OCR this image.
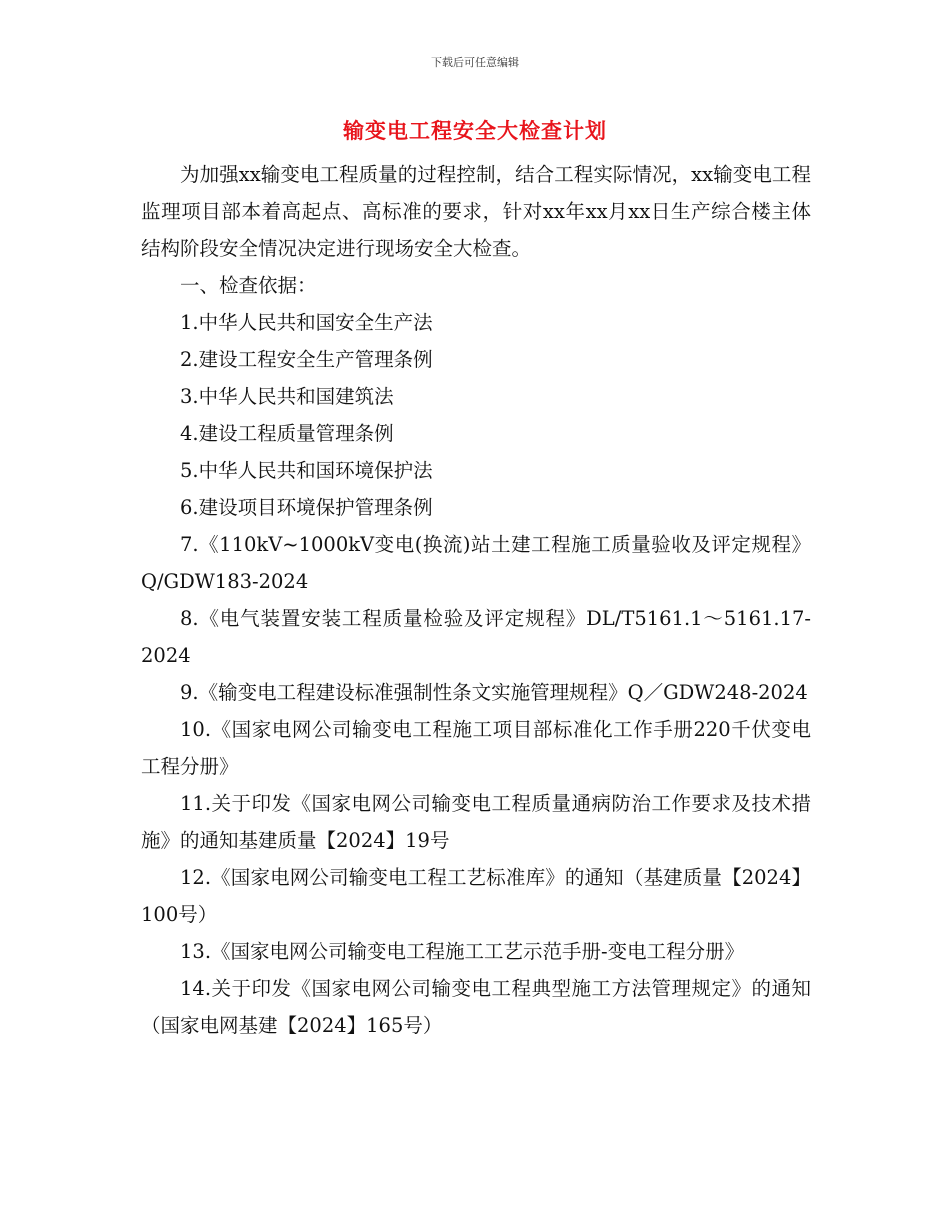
下载后可任意编辑
输变电工程安全大检查计划

为加强xx输变电工程质量的过程控制，结合工程实际情况，xx输变电工程监理项目部本着高起点、高标准的要求，针对xx年xx月xx日生产综合楼主体结构阶段安全情况决定进行现场安全大检查。

一、检查依据：

1.中华人民共和国安全生产法

2.建设工程安全生产管理条例

3.中华人民共和国建筑法

4.建设工程质量管理条例

5.中华人民共和国环境保护法

6.建设项目环境保护管理条例

7.《110kV~1000kV变电(换流)站土建工程施工质量验收及评定规程》Q/GDW183-2024

8.《电气装置安装工程质量检验及评定规程》DL/T5161.1～5161.17-2024

9.《输变电工程建设标准强制性条文实施管理规程》Q／GDW248-2024

10.《国家电网公司输变电工程施工项目部标准化工作手册220千伏变电工程分册》

11.关于印发《国家电网公司输变电工程质量通病防治工作要求及技术措施》的通知基建质量【2024】19号

12.《国家电网公司输变电工程工艺标准库》的通知（基建质量【2024】100号）

13.《国家电网公司输变电工程施工工艺示范手册-变电工程分册》

14.关于印发《国家电网公司输变电工程典型施工方法管理规定》的通知（国家电网基建【2024】165号）
